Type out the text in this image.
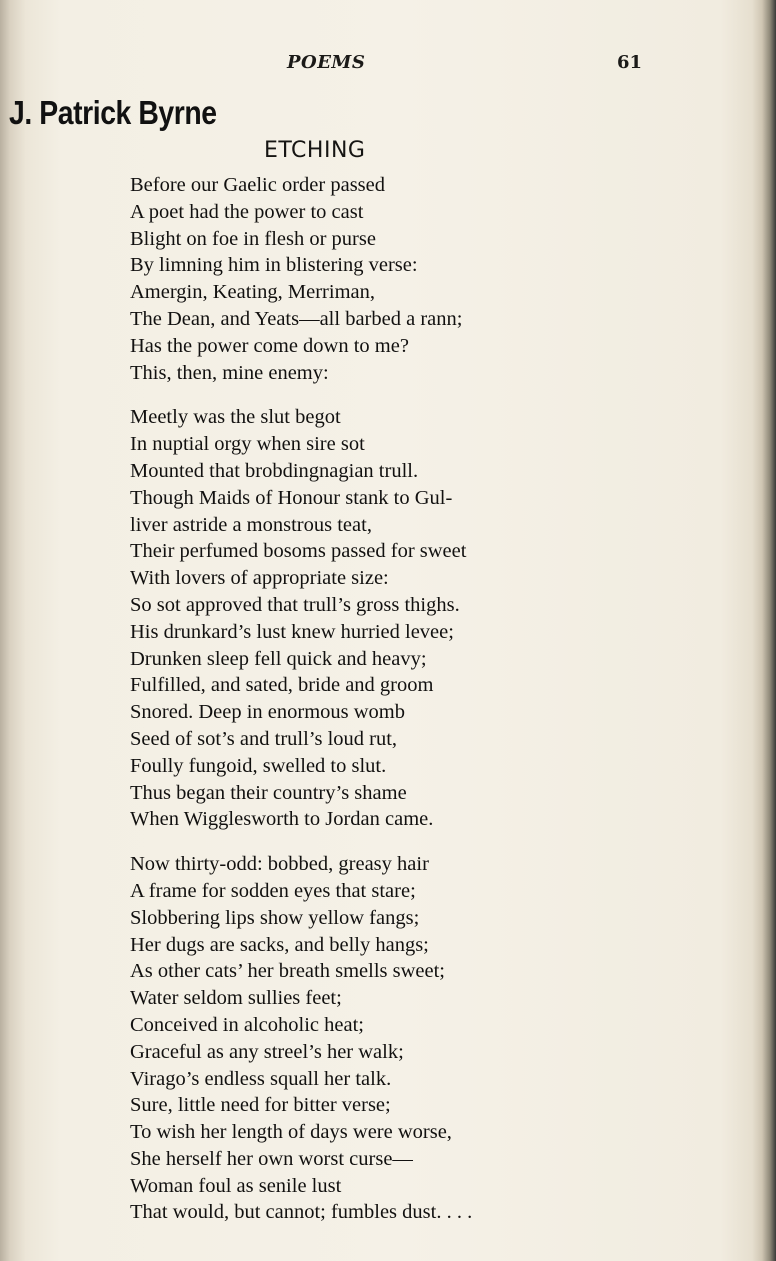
POEMS	61
J. Patrick Byrne
ETCHING
Before our Gaelic order passed
A poet had the power to cast
Blight on foe in flesh or purse
By limning him in blistering verse:
Amergin, Keating, Merriman,
The Dean, and Yeats—all barbed a rann;
Has the power come down to me?
This, then, mine enemy:
Meetly was the slut begot
In nuptial orgy when sire sot
Mounted that brobdingnagian trull.
Though Maids of Honour stank to Gul-
liver astride a monstrous teat,
Their perfumed bosoms passed for sweet
With lovers of appropriate size:
So sot approved that trull’s gross thighs.
His drunkard’s lust knew hurried levee;
Drunken sleep fell quick and heavy;
Fulfilled, and sated, bride and groom
Snored. Deep in enormous womb
Seed of sot’s and trull’s loud rut,
Foully fungoid, swelled to slut.
Thus began their country’s shame
When Wigglesworth to Jordan came.
Now thirty-odd: bobbed, greasy hair
A frame for sodden eyes that stare;
Slobbering lips show yellow fangs;
Her dugs are sacks, and belly hangs;
As other cats’ her breath smells sweet;
Water seldom sullies feet;
Conceived in alcoholic heat;
Graceful as any streel’s her walk;
Virago’s endless squall her talk.
Sure, little need for bitter verse;
To wish her length of days were worse,
She herself her own worst curse—
Woman foul as senile lust
That would, but cannot; fumbles dust. . . .
